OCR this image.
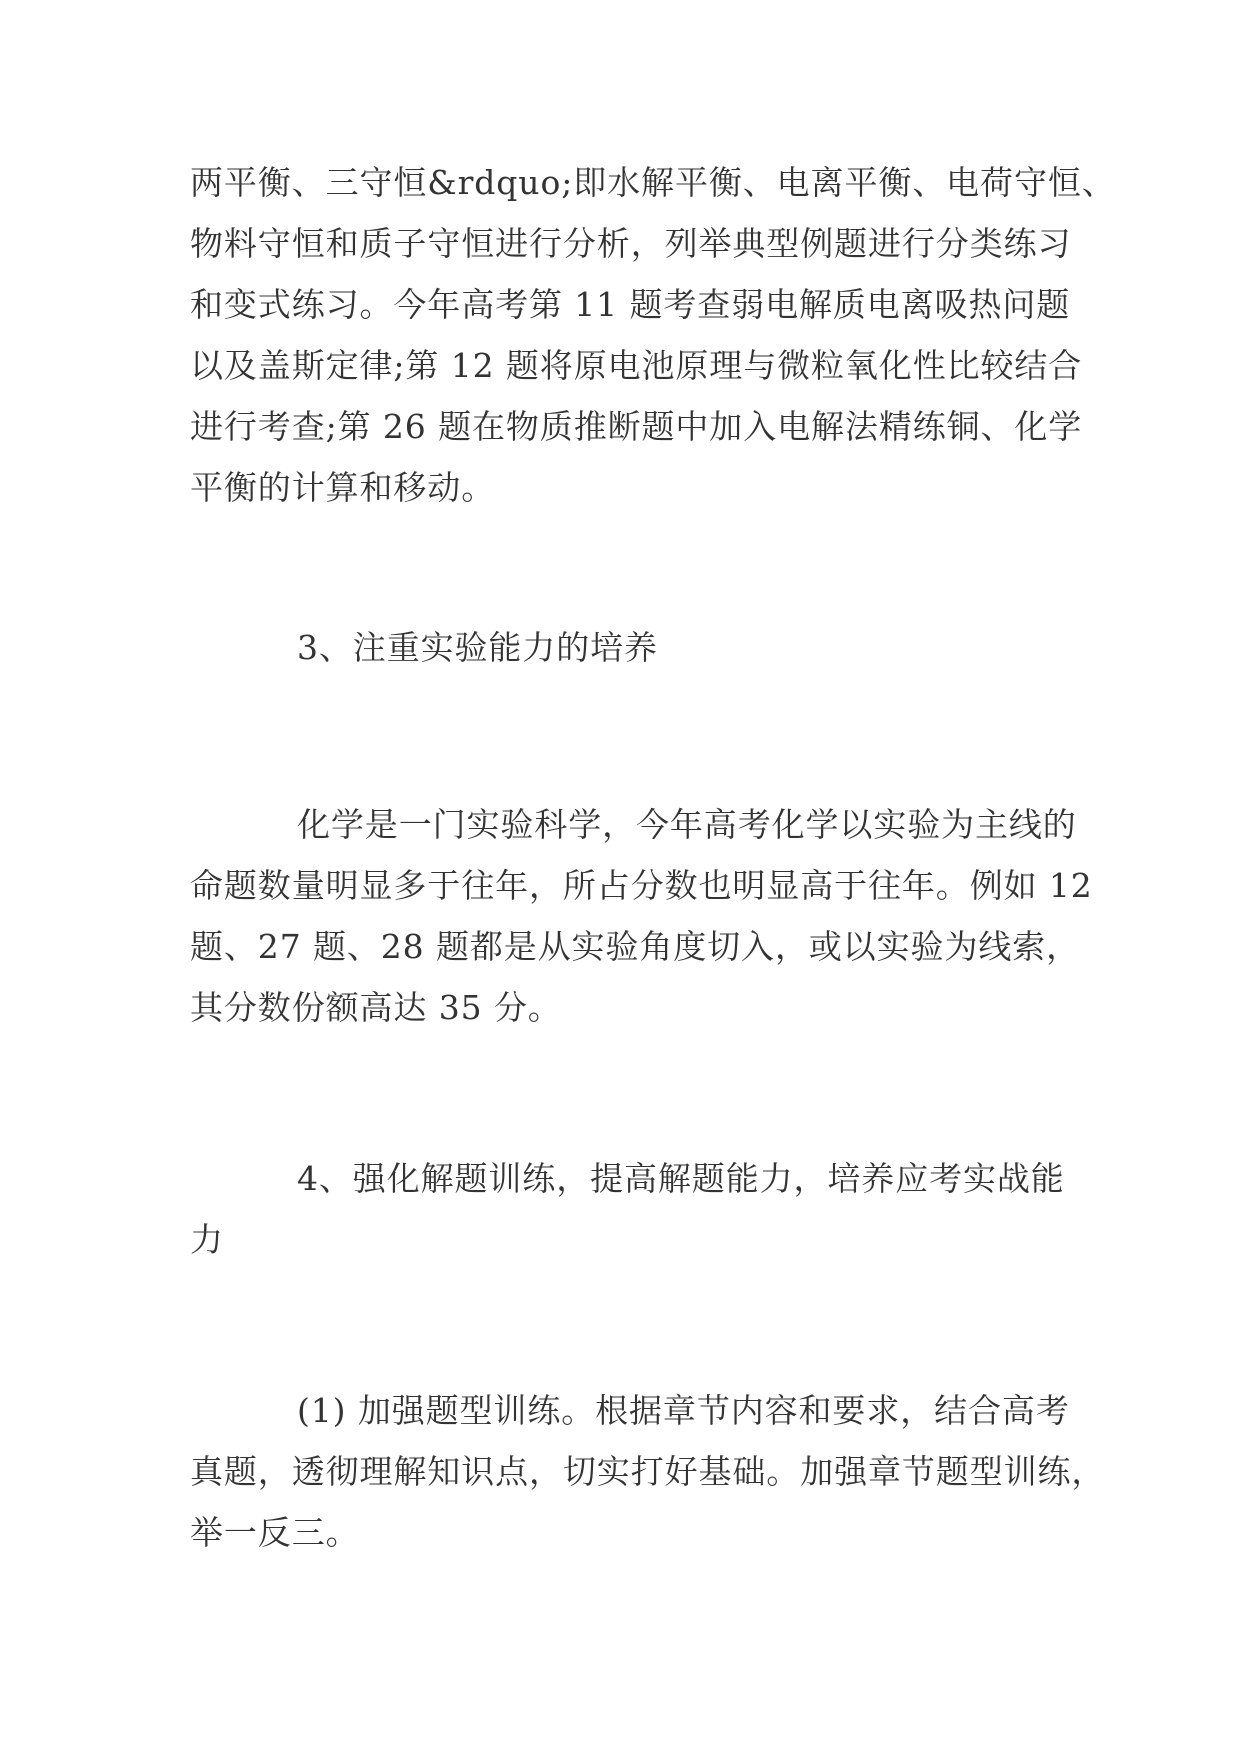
两平衡、三守恒&rdquo;即水解平衡、电离平衡、电荷守恒、
物料守恒和质子守恒进行分析，列举典型例题进行分类练习
和变式练习。今年高考第 11 题考查弱电解质电离吸热问题
以及盖斯定律;第 12 题将原电池原理与微粒氧化性比较结合
进行考查;第 26 题在物质推断题中加入电解法精练铜、化学
平衡的计算和移动。

3、注重实验能力的培养

化学是一门实验科学，今年高考化学以实验为主线的
命题数量明显多于往年，所占分数也明显高于往年。例如 12
题、27 题、28 题都是从实验角度切入，或以实验为线索，
其分数份额高达 35 分。

4、强化解题训练，提高解题能力，培养应考实战能
力

(1) 加强题型训练。根据章节内容和要求，结合高考
真题，透彻理解知识点，切实打好基础。加强章节题型训练，
举一反三。
